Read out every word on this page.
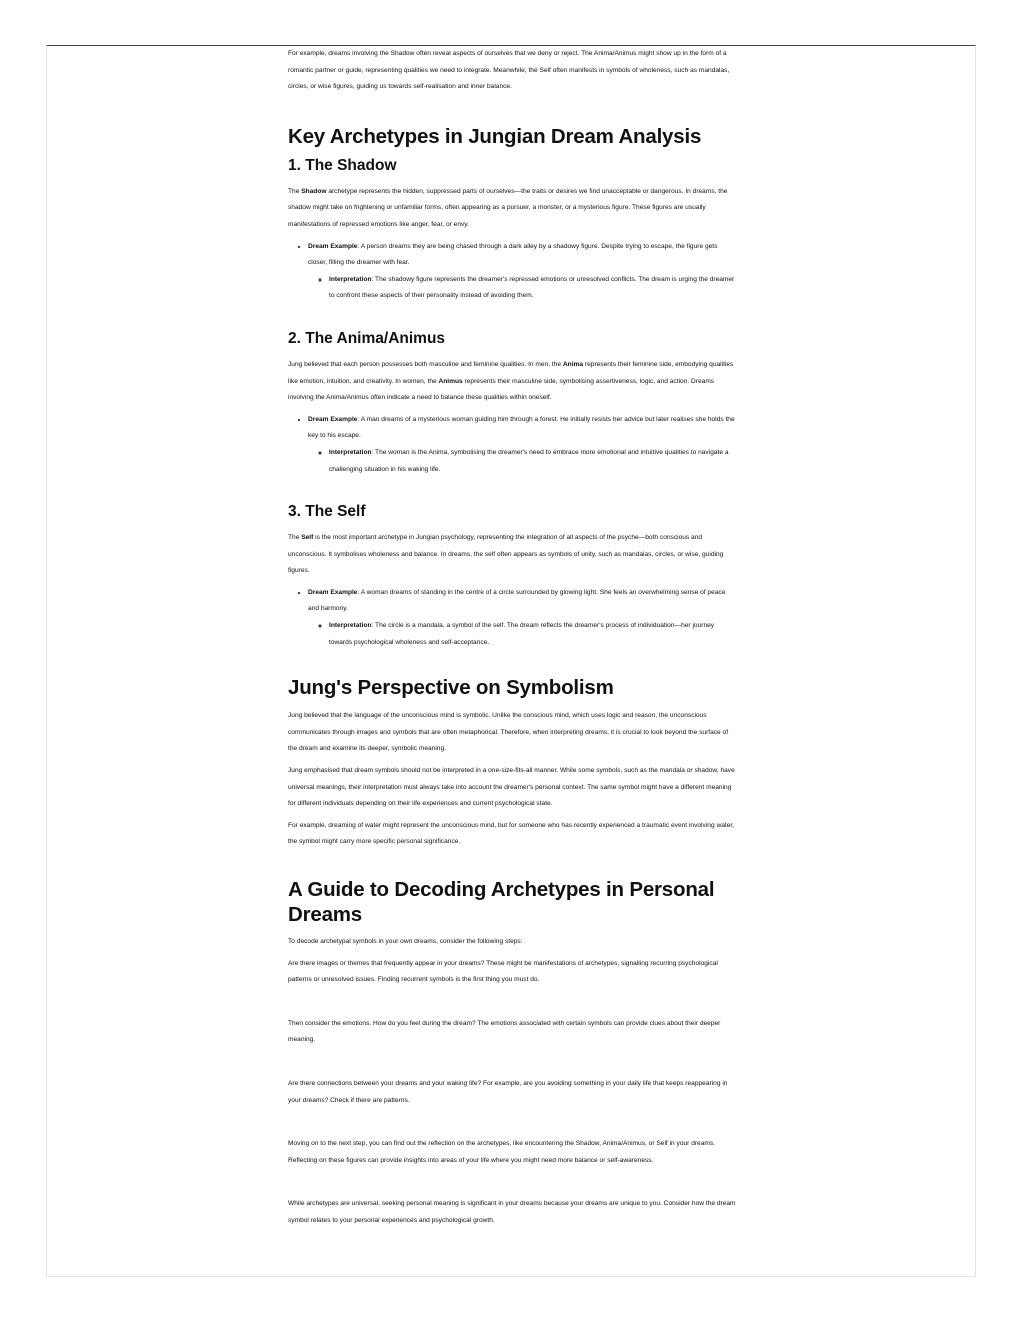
For example, dreams involving the Shadow often reveal aspects of ourselves that we deny or reject. The Anima/Animus might show up in the form of a romantic partner or guide, representing qualities we need to integrate. Meanwhile, the Self often manifests in symbols of wholeness, such as mandalas, circles, or wise figures, guiding us towards self-realisation and inner balance.

Key Archetypes in Jungian Dream Analysis
1. The Shadow

The Shadow archetype represents the hidden, suppressed parts of ourselves—the traits or desires we find unacceptable or dangerous. In dreams, the shadow might take on frightening or unfamiliar forms, often appearing as a pursuer, a monster, or a mysterious figure. These figures are usually manifestations of repressed emotions like anger, fear, or envy.

• Dream Example: A person dreams they are being chased through a dark alley by a shadowy figure. Despite trying to escape, the figure gets closer, filling the dreamer with fear.
◦ Interpretation: The shadowy figure represents the dreamer's repressed emotions or unresolved conflicts. The dream is urging the dreamer to confront these aspects of their personality instead of avoiding them.
2. The Anima/Animus

Jung believed that each person possesses both masculine and feminine qualities. In men, the Anima represents their feminine side, embodying qualities like emotion, intuition, and creativity. In women, the Animus represents their masculine side, symbolising assertiveness, logic, and action. Dreams involving the Anima/Animus often indicate a need to balance these qualities within oneself.

• Dream Example: A man dreams of a mysterious woman guiding him through a forest. He initially resists her advice but later realises she holds the key to his escape.
◦ Interpretation: The woman is the Anima, symbolising the dreamer's need to embrace more emotional and intuitive qualities to navigate a challenging situation in his waking life.
3. The Self

The Self is the most important archetype in Jungian psychology, representing the integration of all aspects of the psyche—both conscious and unconscious. It symbolises wholeness and balance. In dreams, the self often appears as symbols of unity, such as mandalas, circles, or wise, guiding figures.

• Dream Example: A woman dreams of standing in the centre of a circle surrounded by glowing light. She feels an overwhelming sense of peace and harmony.
◦ Interpretation: The circle is a mandala, a symbol of the self. The dream reflects the dreamer's process of individuation—her journey towards psychological wholeness and self-acceptance.
Jung's Perspective on Symbolism

Jung believed that the language of the unconscious mind is symbolic. Unlike the conscious mind, which uses logic and reason, the unconscious communicates through images and symbols that are often metaphorical. Therefore, when interpreting dreams, it is crucial to look beyond the surface of the dream and examine its deeper, symbolic meaning.

Jung emphasised that dream symbols should not be interpreted in a one-size-fits-all manner. While some symbols, such as the mandala or shadow, have universal meanings, their interpretation must always take into account the dreamer's personal context. The same symbol might have a different meaning for different individuals depending on their life experiences and current psychological state.

For example, dreaming of water might represent the unconscious mind, but for someone who has recently experienced a traumatic event involving water, the symbol might carry more specific personal significance.

A Guide to Decoding Archetypes in Personal Dreams

To decode archetypal symbols in your own dreams, consider the following steps:

Are there images or themes that frequently appear in your dreams? These might be manifestations of archetypes, signalling recurring psychological patterns or unresolved issues. Finding recurrent symbols is the first thing you must do.

Then consider the emotions. How do you feel during the dream? The emotions associated with certain symbols can provide clues about their deeper meaning.

Are there connections between your dreams and your waking life? For example, are you avoiding something in your daily life that keeps reappearing in your dreams? Check if there are patterns.

Moving on to the next step, you can find out the reflection on the archetypes, like encountering the Shadow, Anima/Animus, or Self in your dreams. Reflecting on these figures can provide insights into areas of your life where you might need more balance or self-awareness.

While archetypes are universal, seeking personal meaning is significant in your dreams because your dreams are unique to you. Consider how the dream symbol relates to your personal experiences and psychological growth.
